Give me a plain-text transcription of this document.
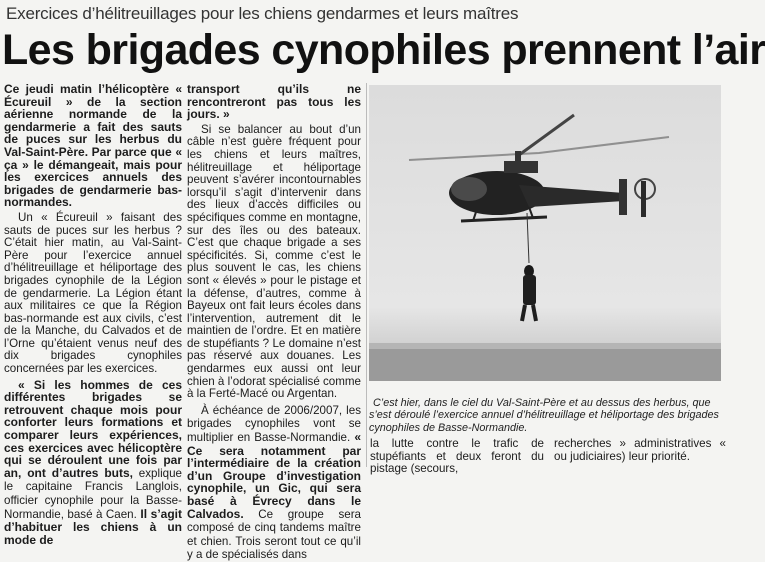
Exercices d’hélitreuillages pour les chiens gendarmes et leurs maîtres
Les brigades cynophiles prennent l’air

Ce jeudi matin l’hélicoptère « Écureuil » de la section aérienne normande de la gendarmerie a fait des sauts de puces sur les herbus du Val-Saint-Père. Par parce que « ça » le démangeait, mais pour les exercices annuels des brigades de gendarmerie bas-normandes.

Un « Écureuil » faisant des sauts de puces sur les herbus ? C’était hier matin, au Val-Saint-Père pour l’exercice annuel d’hélitreuillage et héliportage des brigades cynophile de la Légion de gendarmerie. La Légion étant aux militaires ce que la Région bas-normande est aux civils, c’est de la Manche, du Calvados et de l’Orne qu’étaient venus neuf des dix brigades cynophiles concernées par les exercices.

« Si les hommes de ces différentes brigades se retrouvent chaque mois pour conforter leurs formations et comparer leurs expériences, ces exercices avec hélicoptère qui se déroulent une fois par an, ont d’autres buts, explique le capitaine Francis Langlois, officier cynophile pour la Basse-Normandie, basé à Caen. Il s’agit d’habituer les chiens à un mode de

transport qu’ils ne rencontreront pas tous les jours. »

Si se balancer au bout d’un câble n’est guère fréquent pour les chiens et leurs maîtres, hélitreuillage et héliportage peuvent s’avérer incontournables lorsqu’il s’agit d’intervenir dans des lieux d’accès difficiles ou spécifiques comme en montagne, sur des îles ou des bateaux. C’est que chaque brigade a ses spécificités. Si, comme c’est le plus souvent le cas, les chiens sont « élevés » pour le pistage et la défense, d’autres, comme à Bayeux ont fait leurs écoles dans l’intervention, autrement dit le maintien de l’ordre. Et en matière de stupéfiants ? Le domaine n’est pas réservé aux douanes. Les gendarmes eux aussi ont leur chien à l’odorat spécialisé comme à la Ferté-Macé ou Argentan.

À échéance de 2006/2007, les brigades cynophiles vont se multiplier en Basse-Normandie. « Ce sera notamment par l’intermédiaire de la création d’un Groupe d’investigation cynophile, un Gic, qui sera basé à Évrecy dans le Calvados. Ce groupe sera composé de cinq tandems maître et chien. Trois seront tout ce qu’il y a de spécialisés dans

C’est hier, dans le ciel du Val-Saint-Père et au dessus des herbus, que s’est déroulé l’exercice annuel d’hélitreuillage et héliportage des brigades cynophiles de Basse-Normandie.
la lutte contre le trafic de stupéfiants et deux feront du pistage (secours,
recherches » administratives « ou judiciaires) leur priorité.
